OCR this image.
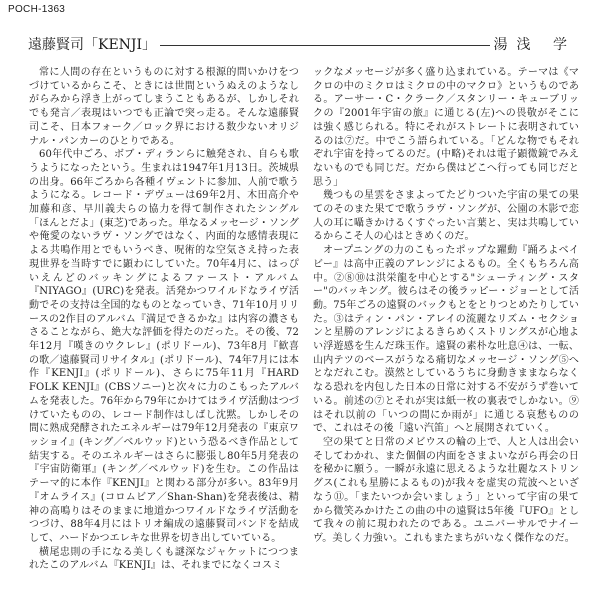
POCH-1363
遠藤賢司「KENJI」	湯浅 学

常に人間の存在というものに対する根源的問いかけをつづけているからこそ、ときには世間というぬえのようなしがらみから浮き上がってしまうこともあるが、しかしそれでも発言／表現はいつでも正論で突っ走る。そんな遠藤賢司こそ、日本フォーク／ロック界における数少ないオリジナル・パンカーのひとりである。

60年代中ごろ、ボブ・ディランらに触発され、自らも歌うようになったという。生まれは1947年1月13日。茨城県の出身。66年ごろから各種イヴェントに参加、人前で歌うようになる。レコード・デヴューは69年2月、木田高介や加藤和彦、早川義夫らの協力を得て制作されたシングル「ほんとだよ」(東芝)であった。単なるメッセージ・ソングや俺愛のないラヴ・ソングではなく、内面的な感情表現による共鳴作用とでもいうべき、呪術的な空気さえ持った表現世界を当時すでに顕わにしていた。70年4月に、はっぴいえんどのバッキングによるファースト・アルバム『NIYAGO』(URC)を発表。活発かつワイルドなライヴ活動でその支持は全国的なものとなっていき、71年10月リリースの2作目のアルバム『満足できるかな』は内容の濃さもさることながら、絶大な評価を得たのだった。その後、72年12月『嘆きのウクレレ』(ポリドール)、73年8月『歓喜の歌／遠藤賢司リサイタル』(ポリドール)、74年7月には本作『KENJI』(ポリドール)、さらに75年11月『HARD FOLK KENJI』(CBSソニー)と次々に力のこもったアルバムを発表した。76年から79年にかけてはライヴ活動はつづけていたものの、レコード制作はしばし沈黙。しかしその間に熟成発酵されたエネルギーは79年12月発表の『東京ワッショイ』(キング／ベルウッド)という恐るべき作品として結実する。そのエネルギーはさらに膨張し80年5月発表の『宇宙防衛軍』(キング／ベルウッド)を生む。この作品はテーマ的に本作『KENJI』と関わる部分が多い。83年9月『オムライス』(コロムビア／Shan-Shan)を発表後は、精神の高鳴りはそのままに地道かつワイルドなライヴ活動をつづけ、88年4月にはトリオ編成の遠藤賢司バンドを結成して、ハードかつエレキな世界を切き出していている。

横尾忠則の手になる美しくも謎深なジャケットにつつまれたこのアルバム『KENJI』は、それまでになくコスミ

ックなメッセージが多く盛り込まれている。テーマは《マクロの中のミクロはミクロの中のマクロ》というものである。アーサー・C・クラーク／スタンリー・キューブリックの『2001年宇宙の旅』に通じる(左)への畏敬がそこには強く感じられる。特にそれがストレートに表明されているのは⑦だ。中でこう語られている。「どんな物でもそれぞれ宇宙を持ってるのだ。(中略)それは電子顕微鏡でみえないものでも同じだ。だから僕はどこへ行っても同じだと思う」

幾つもの星雲をさまよってたどりついた宇宙の果ての果てのそのまた果てで歌うラヴ・ソングが、公園の木影で恋人の耳に囁きかけるくすぐったい言葉と、実は共鳴しているからこそ人の心はときめくのだ。

オープニングの力のこもったポップな躍動『踊ろよベイビー』は高中正義のアレンジによるもの。全くもちろん高中。②⑧⑩は洪栄龍を中心とする"シューティング・スター"のバッキング。彼らはその後ラッピー・ジョーとして活動。75年ごろの遠賢のバックもとをとりつとめたりしていた。③はティン・パン・アレイの流麗なリズム・セクションと星勝のアレンジによるきらめくストリングスが心地よい浮遊感を生んだ珠玉作。遠賢の素朴な吐息④は、一転、山内テツのベースがうなる痛切なメッセージ・ソング⑤へとなだれこむ。漠然としているうちに身動きままならなくなる恐れを内包した日本の日常に対する不安がうず巻いている。前述の⑦とそれが実は紙一枚の裏表でしかない。⑨はそれ以前の「いつの間にか雨が」に通じる哀愁ものので、これはその後「遠い汽笛」へと展開されていく。

空の果てと日常のメビウスの輪の上で、人と人は出会いそしてわかれ、また個個の内面をさまよいながら再会の日を秘かに願う。一瞬が永遠に思えるような壮麗なストリングス(これも星勝によるもの)が我々を虚実の荒波へといざなう⑪。「またいつか会いましょう」といって宇宙の果てから微笑みかけたこの曲の中の遠賢は5年後『UFO』として我々の前に現われたのである。ユニバーサルでナイーヴ。美しく力強い。これもまたまちがいなく傑作なのだ。
